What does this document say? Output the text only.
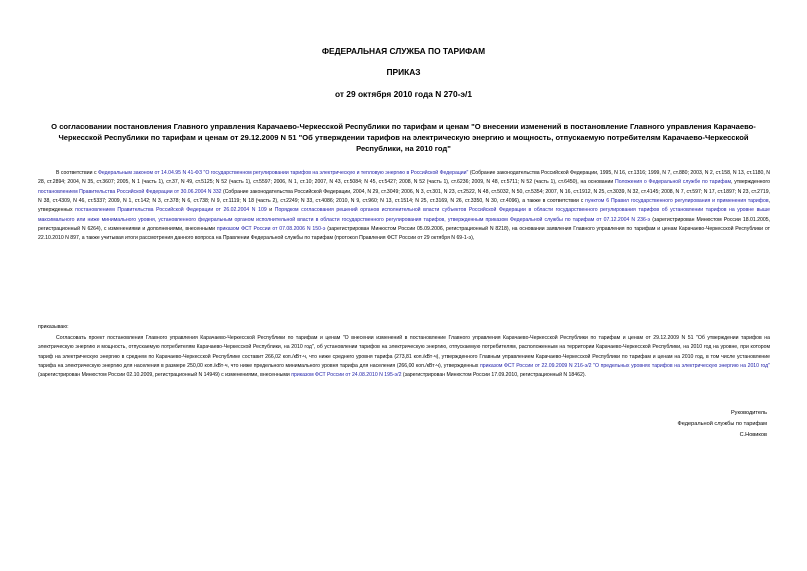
ФЕДЕРАЛЬНАЯ СЛУЖБА ПО ТАРИФАМ
ПРИКАЗ
от 29 октября 2010 года N 270-э/1
О согласовании постановления Главного управления Карачаево-Черкесской Республики по тарифам и ценам "О внесении изменений в постановление Главного управления Карачаево-Черкесской Республики по тарифам и ценам от 29.12.2009 N 51 "Об утверждении тарифов на электрическую энергию и мощность, отпускаемую потребителям Карачаево-Черкесской Республики, на 2010 год"
В соответствии с Федеральным законом от 14.04.95 N 41-ФЗ "О государственном регулировании тарифов на электрическую и тепловую энергию в Российской Федерации" (Собрание законодательства Российской Федерации, 1995, N 16, ст.1316; 1999, N 7, ст.880; 2003, N 2, ст.158, N 13, ст.1180, N 28, ст.2894; 2004, N 35, ст.3607; 2005, N 1 (часть 1), ст.37, N 49, ст.5125; N 52 (часть 1), ст.5597; 2006, N 1, ст.10; 2007, N 43, ст.5084; N 45, ст.5427; 2008, N 52 (часть 1), ст.6236; 2009, N 48, ст.5711; N 52 (часть 1), ст.6450), на основании Положения о Федеральной службе по тарифам, утвержденного постановлением Правительства Российской Федерации от 30.06.2004 N 332 (Собрание законодательства Российской Федерации, 2004, N 29, ст.3049; 2006, N 3, ст.301, N 23, ст.2522, N 48, ст.5032, N 50, ст.5354; 2007, N 16, ст.1912, N 25, ст.3039, N 32, ст.4145; 2008, N 7, ст.597; N 17, ст.1897; N 23, ст.2719, N 38, ст.4309, N 46, ст.5337; 2009, N 1, ст.142; N 3, ст.378; N 6, ст.738; N 9, ст.1119; N 18 (часть 2), ст.2249; N 33, ст.4086; 2010, N 9, ст.960; N 13, ст.1514; N 25, ст.3169, N 26, ст.3350, N 30, ст.4096), а также в соответствии с пунктом 6 Правил государственного регулирования и применения тарифов, утвержденных постановлением Правительства Российской Федерации от 26.02.2004 N 109 и Порядком согласования решений органов исполнительной власти субъектов Российской Федерации в области государственного регулирования тарифов об установлении тарифов на уровне выше максимального или ниже минимального уровня, установленного федеральным органом исполнительной власти в области государственного регулирования тарифов, утвержденным приказом Федеральной службы по тарифам от 07.12.2004 N 236-э (зарегистрирован Минюстом России 18.01.2005, регистрационный N 6264), с изменениями и дополнениями, внесенными приказом ФСТ России от 07.08.2006 N 150-э (зарегистрирован Минюстом России 05.09.2006, регистрационный N 8218), на основании заявления Главного управления по тарифам и ценам Карачаево-Черкесской Республики от 22.10.2010 N 897, а также учитывая итоги рассмотрения данного вопроса на Правлении Федеральной службы по тарифам (протокол Правления ФСТ России от 29 октября N 69-1-э),
приказываю:
Согласовать проект постановления Главного управления Карачаево-Черкесской Республики по тарифам и ценам "О внесении изменений в постановление Главного управления Карачаево-Черкесской Республики по тарифам и ценам от 29.12.2009 N 51 "Об утверждении тарифов на электрическую энергию и мощность, отпускаемую потребителям Карачаево-Черкесской Республики, на 2010 год", об установлении тарифов на электрическую энергию, отпускаемую потребителям, расположенным на территории Карачаево-Черкесской Республики, на 2010 год на уровне, при котором тариф на электрическую энергию в среднем по Карачаево-Черкесской Республике составит 266,02 коп./кВт·ч, что ниже среднего уровня тарифа (273,81 коп./кВт·ч), утвержденного Главным управлением Карачаево-Черкесской Республики по тарифам и ценам на 2010 год, в том числе установление тарифа на электрическую энергию для населения в размере 250,00 коп./кВт·ч, что ниже предельного минимального уровня тарифа для населения (266,00 коп./кВт·ч), утвержденных приказом ФСТ России от 22.09.2009 N 216-э/2 "О предельных уровнях тарифов на электрическую энергию на 2010 год" (зарегистрирован Минюстом России 02.10.2009, регистрационный N 14949) с изменениями, внесенными приказом ФСТ России от 24.08.2010 N 195-э/2 (зарегистрирован Минюстом России 17.09.2010, регистрационный N 18462).
Руководитель
Федеральной службы по тарифам
С.Новиков
